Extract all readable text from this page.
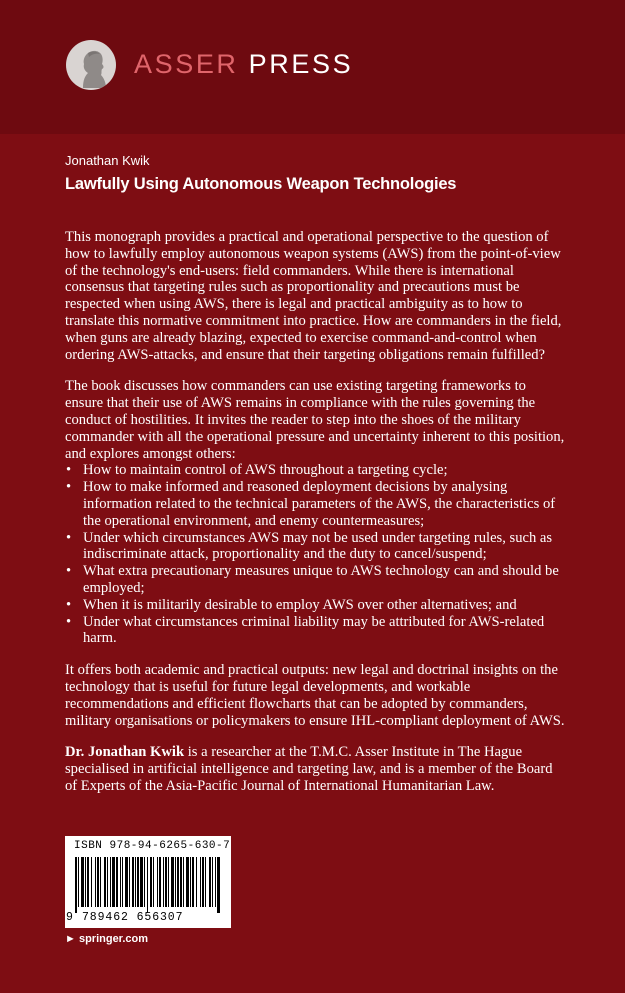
ASSER PRESS
Jonathan Kwik
Lawfully Using Autonomous Weapon Technologies

This monograph provides a practical and operational perspective to the question of how to lawfully employ autonomous weapon systems (AWS) from the point-of-view of the technology's end-users: field commanders. While there is international consensus that targeting rules such as proportionality and precautions must be respected when using AWS, there is legal and practical ambiguity as to how to translate this normative commitment into practice. How are commanders in the field, when guns are already blazing, expected to exercise command-and-control when ordering AWS-attacks, and ensure that their targeting obligations remain fulfilled?

The book discusses how commanders can use existing targeting frameworks to ensure that their use of AWS remains in compliance with the rules governing the conduct of hostilities. It invites the reader to step into the shoes of the military commander with all the operational pressure and uncertainty inherent to this position, and explores amongst others:

• How to maintain control of AWS throughout a targeting cycle;
• How to make informed and reasoned deployment decisions by analysing information related to the technical parameters of the AWS, the characteristics of the operational environment, and enemy countermeasures;
• Under which circumstances AWS may not be used under targeting rules, such as indiscriminate attack, proportionality and the duty to cancel/suspend;
• What extra precautionary measures unique to AWS technology can and should be employed;
• When it is militarily desirable to employ AWS over other alternatives; and
• Under what circumstances criminal liability may be attributed for AWS-related harm.

It offers both academic and practical outputs: new legal and doctrinal insights on the technology that is useful for future legal developments, and workable recommendations and efficient flowcharts that can be adopted by commanders, military organisations or policymakers to ensure IHL-compliant deployment of AWS.

Dr. Jonathan Kwik is a researcher at the T.M.C. Asser Institute in The Hague specialised in artificial intelligence and targeting law, and is a member of the Board of Experts of the Asia-Pacific Journal of International Humanitarian Law.

ISBN 978-94-6265-630-7
9 789462 656307
► springer.com
